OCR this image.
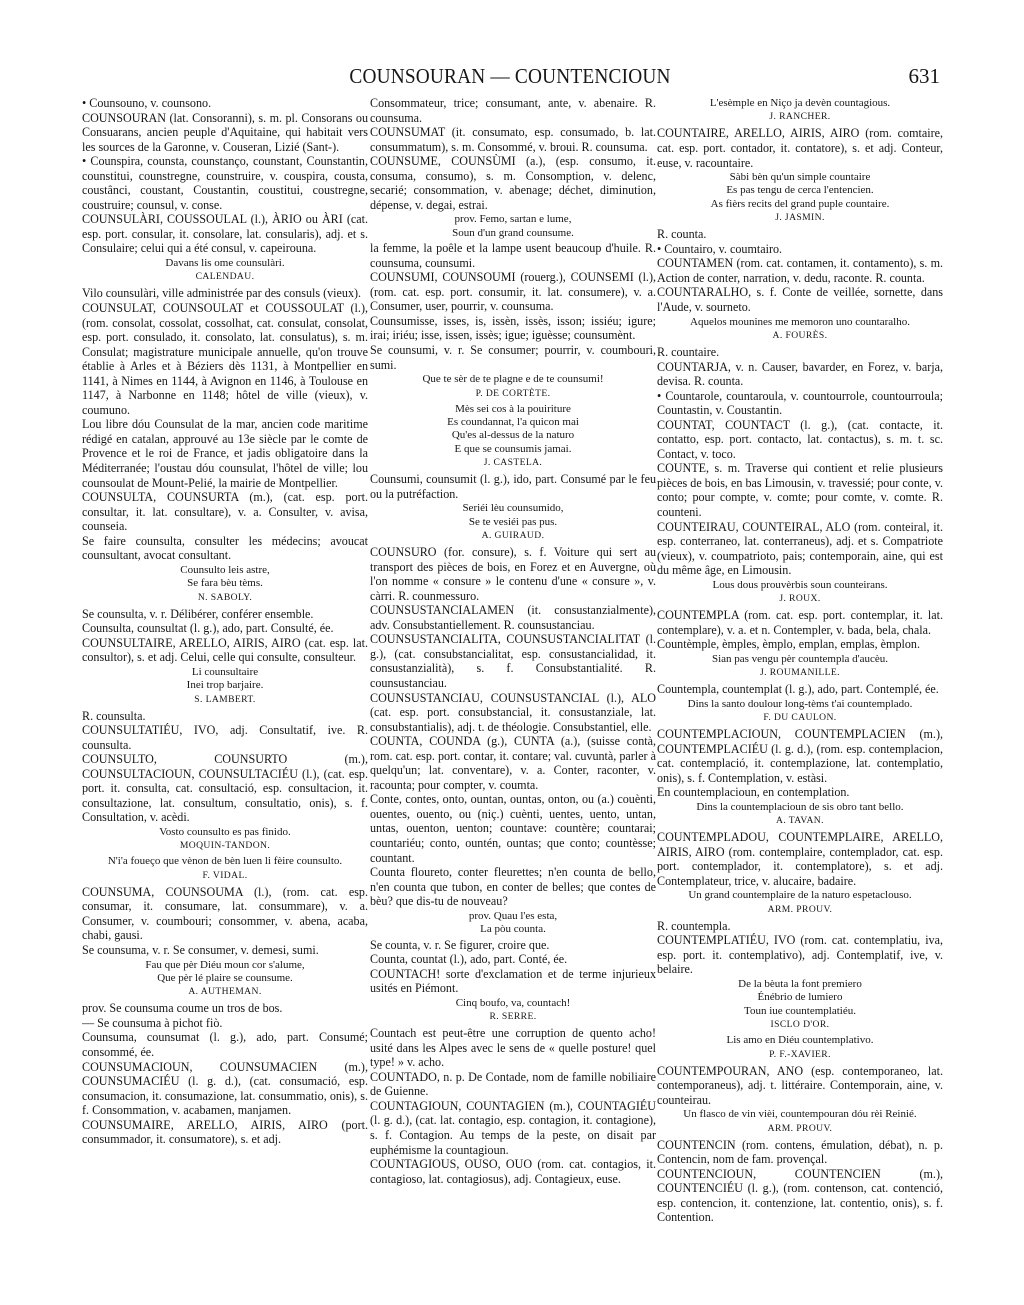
COUNSOURAN — COUNTENCIOUN	631

• Counsouno, v. counsono.

COUNSOURAN (lat. Consoranni), s. m. pl. Consorans ou Consuarans, ancien peuple d'Aquitaine, qui habitait vers les sources de la Garonne, v. Couseran, Lizié (Sant-).

• Counspira, counsta, counstanço, counstant, Counstantin, counstitui, counstregne, counstruire, v. couspira, cousta, coustânci, coustant, Coustantin, coustitui, coustregne, coustruire; counsul, v. conse.

COUNSULÀRI, COUSSOULAL (l.), ÀRIO ou ÀRI (cat. esp. port. consular, it. consolare, lat. consularis), adj. et s. Consulaire; celui qui a été consul, v. capeirouna.

Davans lis ome counsulàri.

CALENDAU.

Vilo counsulàri, ville administrée par des consuls (vieux).

COUNSULAT, COUNSOULAT et COUSSOULAT (l.), (rom. consolat, cossolat, cossolhat, cat. consulat, consolat, esp. port. consulado, it. consolato, lat. consulatus), s. m. Consulat; magistrature municipale annuelle, qu'on trouve établie à Arles et à Béziers dès 1131, à Montpellier en 1141, à Nimes en 1144, à Avignon en 1146, à Toulouse en 1147, à Narbonne en 1148; hôtel de ville (vieux), v. coumuno.

Lou libre dóu Counsulat de la mar, ancien code maritime rédigé en catalan, approuvé au 13e siècle par le comte de Provence et le roi de France, et jadis obligatoire dans la Méditerranée; l'oustau dóu counsulat, l'hôtel de ville; lou counsoulat de Mount-Pelié, la mairie de Montpellier.

COUNSULTA, COUNSURTA (m.), (cat. esp. port. consultar, it. lat. consultare), v. a. Consulter, v. avisa, counseia.

Se faire counsulta, consulter les médecins; avoucat counsultant, avocat consultant.

Counsulto leis astre,
Se fara bèu tèms.

N. SABOLY.

Se counsulta, v. r. Délibérer, conférer ensemble.

Counsulta, counsultat (l. g.), ado, part. Consulté, ée.

COUNSULTAIRE, ARELLO, AIRIS, AIRO (cat. esp. lat. consultor), s. et adj. Celui, celle qui consulte, consulteur.

Li counsultaire
Inei trop barjaire.

S. LAMBERT.

R. counsulta.

COUNSULTATIÉU, IVO, adj. Consultatif, ive. R. counsulta.

COUNSULTO, COUNSURTO (m.), COUNSULTACIOUN, COUNSULTACIÉU (l.), (cat. esp. port. it. consulta, cat. consultació, esp. consultacion, it. consultazione, lat. consultum, consultatio, onis), s. f. Consultation, v. acèdi.

Vosto counsulto es pas finido.

MOQUIN-TANDON.

N'i'a foueço que vènon de bèn luen li fèire counsulto.

F. VIDAL.

COUNSUMA, COUNSOUMA (l.), (rom. cat. esp. consumar, it. consumare, lat. consummare), v. a. Consumer, v. coumbouri; consommer, v. abena, acaba, chabi, gausi.

Se counsuma, v. r. Se consumer, v. demesi, sumi.

Fau que pèr Diéu moun cor s'alume,
Que pèr lé plaire se counsume.

A. AUTHEMAN.

prov. Se counsuma coume un tros de bos.
— Se counsuma à pichot fiò.

Counsuma, counsumat (l. g.), ado, part. Consumé; consommé, ée.

COUNSUMACIOUN, COUNSUMACIEN (m.), COUNSUMACIÉU (l. g. d.), (cat. consumació, esp. consumacion, it. consumazione, lat. consummatio, onis), s. f. Consommation, v. acabamen, manjamen.

COUNSUMAIRE, ARELLO, AIRIS, AIRO (port. consummador, it. consumatore), s. et adj.

Consommateur, trice; consumant, ante, v. abenaire. R. counsuma.

COUNSUMAT (it. consumato, esp. consumado, b. lat. consummatum), s. m. Consommé, v. broui. R. counsuma.

COUNSUME, COUNSÙMI (a.), (esp. consumo, it. consuma, consumo), s. m. Consomption, v. delenc, secarié; consommation, v. abenage; déchet, diminution, dépense, v. degai, estrai.

prov. Femo, sartan e lume,
Soun d'un grand counsume.

la femme, la poêle et la lampe usent beaucoup d'huile. R. counsuma, counsumi.

COUNSUMI, COUNSOUMI (rouerg.), COUNSEMI (l.), (rom. cat. esp. port. consumir, it. lat. consumere), v. a. Consumer, user, pourrir, v. counsuma.

Counsumisse, isses, is, issèn, issès, isson; issiéu; igure; irai; iriéu; isse, issen, issès; igue; iguèsse; counsumènt.

Se counsumi, v. r. Se consumer; pourrir, v. coumbouri, sumi.

Que te sèr de te plagne e de te counsumi!

P. DE CORTÈTE.

Mès sei cos à la pouiriture
Es coundannat, l'a quicon mai
Qu'es al-dessus de la naturo
E que se counsumis jamai.

J. CASTELA.

Counsumi, counsumit (l. g.), ido, part. Consumé par le feu ou la putréfaction.

Seriéi lèu counsumido,
Se te vesiéi pas pus.

A. GUIRAUD.

COUNSURO (for. consure), s. f. Voiture qui sert au transport des pièces de bois, en Forez et en Auvergne, où l'on nomme « consure » le contenu d'une « consure », v. càrri. R. counmessuro.

COUNSUSTANCIALAMEN (it. consustanzialmente), adv. Consubstantiellement. R. counsustanciau.

COUNSUSTANCIALITA, COUNSUSTANCIALITAT (l. g.), (cat. consubstancialitat, esp. consustancialidad, it. consustanzialità), s. f. Consubstantialité. R. counsustanciau.

COUNSUSTANCIAU, COUNSUSTANCIAL (l.), ALO (cat. esp. port. consubstancial, it. consustanziale, lat. consubstantialis), adj. t. de théologie. Consubstantiel, elle.

COUNTA, COUNDA (g.), CUNTA (a.), (suisse contà, rom. cat. esp. port. contar, it. contare; val. cuvuntà, parler à quelqu'un; lat. conventare), v. a. Conter, raconter, v. racounta; pour compter, v. coumta.

Conte, contes, onto, ountan, ountas, onton, ou (a.) couènti, ouentes, ouento, ou (niç.) cuènti, uentes, uento, untan, untas, ouenton, uenton; countave: countère; countarai; countariéu; conto, ountén, ountas; que conto; countèsse; countant.

Counta floureto, conter fleurettes; n'en counta de bello, n'en counta que tubon, en conter de belles; que contes de bèu? que dis-tu de nouveau?

prov. Quau l'es esta,
La pòu counta.

Se counta, v. r. Se figurer, croire que.

Counta, countat (l.), ado, part. Conté, ée.

COUNTACH! sorte d'exclamation et de terme injurieux usités en Piémont.

Cinq boufo, va, countach!

R. SERRE.

Countach est peut-être une corruption de quento acho! usité dans les Alpes avec le sens de « quelle posture! quel type! » v. acho.

COUNTADO, n. p. De Contade, nom de famille nobiliaire de Guienne.

COUNTAGIOUN, COUNTAGIEN (m.), COUNTAGIÉU (l. g. d.), (cat. lat. contagio, esp. contagion, it. contagione), s. f. Contagion. Au temps de la peste, on disait par euphémisme la countagioun.

COUNTAGIOUS, OUSO, OUO (rom. cat. contagios, it. contagioso, lat. contagiosus), adj. Contagieux, euse.

L'esèmple en Niço ja devèn countagious.

J. RANCHER.

COUNTAIRE, ARELLO, AIRIS, AIRO (rom. comtaire, cat. esp. port. contador, it. contatore), s. et adj. Conteur, euse, v. racountaire.

Sàbi bèn qu'un simple countaire
Es pas tengu de cerca l'entencien.
As fièrs recits del grand puple countaire.

J. JASMIN.

R. counta.

• Countairo, v. coumtairo.

COUNTAMEN (rom. cat. contamen, it. contamento), s. m. Action de conter, narration, v. dedu, raconte. R. counta.

COUNTARALHO, s. f. Conte de veillée, sornette, dans l'Aude, v. sourneto.

Aquelos mounines me memoron uno countaralho.

A. FOURÈS.

R. countaire.

COUNTARJA, v. n. Causer, bavarder, en Forez, v. barja, devisa. R. counta.

• Countarole, countaroula, v. countourrole, countourroula; Countastin, v. Coustantin.

COUNTAT, COUNTACT (l. g.), (cat. contacte, it. contatto, esp. port. contacto, lat. contactus), s. m. t. sc. Contact, v. toco.

COUNTE, s. m. Traverse qui contient et relie plusieurs pièces de bois, en bas Limousin, v. travessié; pour conte, v. conto; pour compte, v. comte; pour comte, v. comte. R. counteni.

COUNTEIRAU, COUNTEIRAL, ALO (rom. conteiral, it. esp. conterraneo, lat. conterraneus), adj. et s. Compatriote (vieux), v. coumpatrioto, pais; contemporain, aine, qui est du même âge, en Limousin.

Lous dous prouvèrbis soun counteirans.

J. ROUX.

COUNTEMPLA (rom. cat. esp. port. contemplar, it. lat. contemplare), v. a. et n. Contempler, v. bada, bela, chala.

Countèmple, èmples, èmplo, emplan, emplas, èmplon.

Sian pas vengu pèr countempla d'aucèu.

J. ROUMANILLE.

Countempla, countemplat (l. g.), ado, part. Contemplé, ée.

Dins la santo doulour long-tèms t'ai countemplado.

F. DU CAULON.

COUNTEMPLACIOUN, COUNTEMPLACIEN (m.), COUNTEMPLACIÉU (l. g. d.), (rom. esp. contemplacion, cat. contemplació, it. contemplazione, lat. contemplatio, onis), s. f. Contemplation, v. estàsi.

En countemplacioun, en contemplation.

Dins la countemplacioun de sis obro tant bello.

A. TAVAN.

COUNTEMPLADOU, COUNTEMPLAIRE, ARELLO, AIRIS, AIRO (rom. contemplaire, contemplador, cat. esp. port. contemplador, it. contemplatore), s. et adj. Contemplateur, trice, v. alucaire, badaire.

Un grand countemplaire de la naturo espetaclouso.

ARM. PROUV.

R. countempla.

COUNTEMPLATIÉU, IVO (rom. cat. contemplatiu, iva, esp. port. it. contemplativo), adj. Contemplatif, ive, v. belaire.

De la bèuta la font premiero
Énébrio de lumiero
Toun iue countemplatiéu.

ISCLO D'OR.

Lis amo en Diéu countemplativo.

P. F.-XAVIER.

COUNTEMPOURAN, ANO (esp. contemporaneo, lat. contemporaneus), adj. t. littéraire. Contemporain, aine, v. counteirau.

Un flasco de vin vièi, countempouran dóu rèi Reinié.

ARM. PROUV.

COUNTENCIN (rom. contens, émulation, débat), n. p. Contencin, nom de fam. provençal.

COUNTENCIOUN, COUNTENCIEN (m.), COUNTENCIÉU (l. g.), (rom. contenson, cat. contenció, esp. contencion, it. contenzione, lat. contentio, onis), s. f. Contention.
